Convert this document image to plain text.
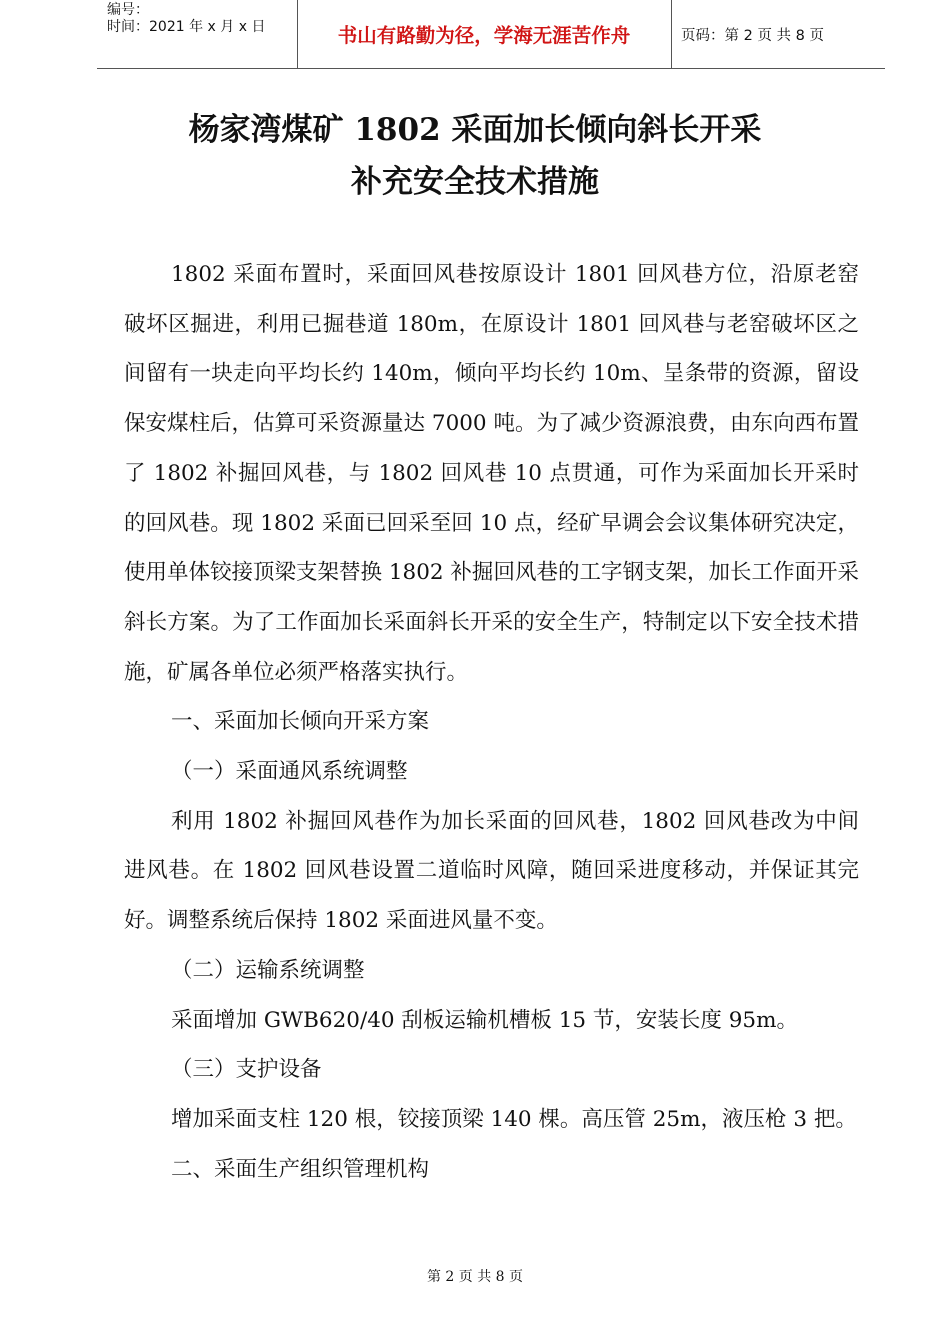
编号：
时间：2021 年 x 月 x 日	书山有路勤为径，学海无涯苦作舟	页码：第 2 页 共 8 页
杨家湾煤矿 1802 采面加长倾向斜长开采
补充安全技术措施

1802 采面布置时，采面回风巷按原设计 1801 回风巷方位，沿原老窑破坏区掘进，利用已掘巷道 180m，在原设计 1801 回风巷与老窑破坏区之间留有一块走向平均长约 140m，倾向平均长约 10m、呈条带的资源，留设保安煤柱后，估算可采资源量达 7000 吨。为了减少资源浪费，由东向西布置了 1802 补掘回风巷，与 1802 回风巷 10 点贯通，可作为采面加长开采时的回风巷。现 1802 采面已回采至回 10 点，经矿早调会会议集体研究决定，使用单体铰接顶梁支架替换 1802 补掘回风巷的工字钢支架，加长工作面开采斜长方案。为了工作面加长采面斜长开采的安全生产，特制定以下安全技术措施，矿属各单位必须严格落实执行。

一、采面加长倾向开采方案

（一）采面通风系统调整

利用 1802 补掘回风巷作为加长采面的回风巷，1802 回风巷改为中间进风巷。在 1802 回风巷设置二道临时风障，随回采进度移动，并保证其完好。调整系统后保持 1802 采面进风量不变。

（二）运输系统调整

采面增加 GWB620/40 刮板运输机槽板 15 节，安装长度 95m。

（三）支护设备

增加采面支柱 120 根，铰接顶梁 140 棵。高压管 25m，液压枪 3 把。

二、采面生产组织管理机构

第 2 页 共 8 页
